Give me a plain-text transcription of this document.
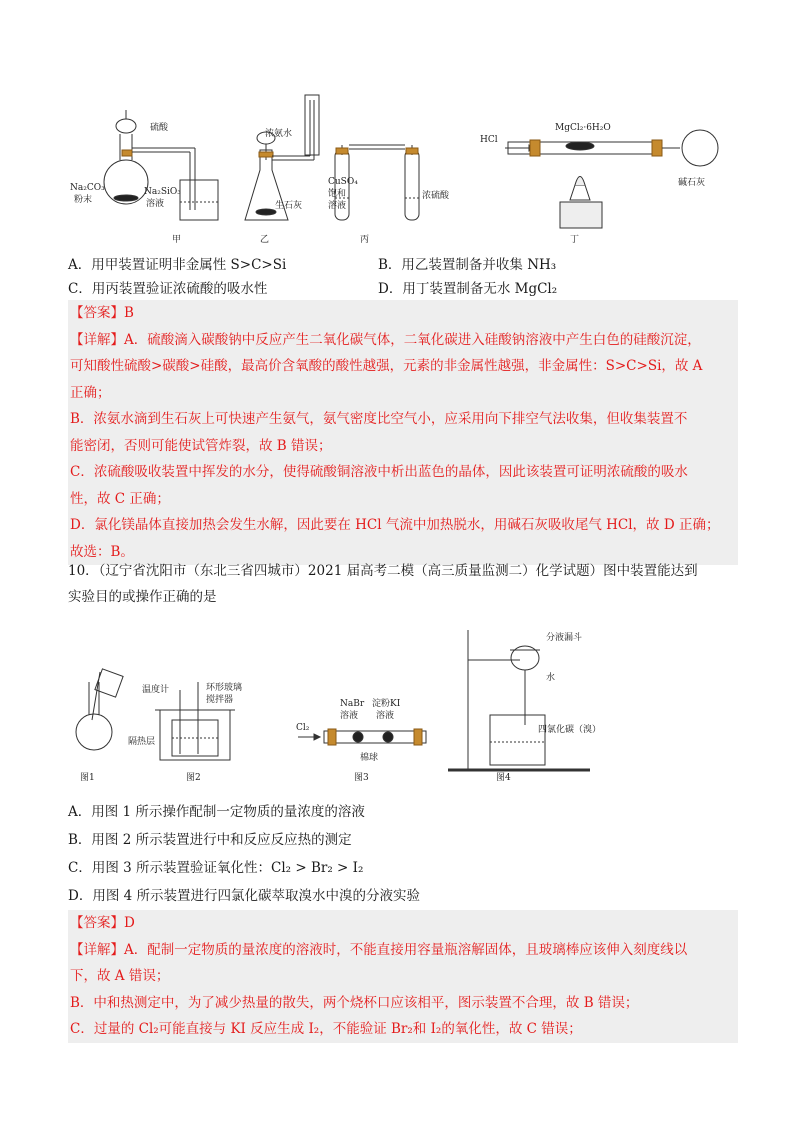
硫酸
Na₂CO₃
粉末
Na₂SiO₃
溶液
浓氨水
生石灰
CuSO₄
饱和
溶液
浓硫酸
HCl
MgCl₂·6H₂O
碱石灰
甲	乙	丙	丁
A．用甲装置证明非金属性 S>C>Si	B．用乙装置制备并收集 NH₃
C．用丙装置验证浓硫酸的吸水性	D．用丁装置制备无水 MgCl₂

【答案】B

【详解】A．硫酸滴入碳酸钠中反应产生二氧化碳气体，二氧化碳进入硅酸钠溶液中产生白色的硅酸沉淀，

可知酸性硫酸>碳酸>硅酸，最高价含氧酸的酸性越强，元素的非金属性越强，非金属性：S>C>Si，故 A

正确；

B．浓氨水滴到生石灰上可快速产生氨气，氨气密度比空气小，应采用向下排空气法收集，但收集装置不

能密闭，否则可能使试管炸裂，故 B 错误；

C．浓硫酸吸收装置中挥发的水分，使得硫酸铜溶液中析出蓝色的晶体，因此该装置可证明浓硫酸的吸水

性，故 C 正确；

D．氯化镁晶体直接加热会发生水解，因此要在 HCl 气流中加热脱水，用碱石灰吸收尾气 HCl，故 D 正确；

故选：B。

10．（辽宁省沈阳市（东北三省四城市）2021 届高考二模（高三质量监测二）化学试题）图中装置能达到
实验目的或操作正确的是
图1	图2	图3	图4
温度计	环形玻璃
搅拌器
隔热层
Cl₂
NaBr
溶液
淀粉KI
溶液
棉球
分液漏斗
水
四氯化碳（溴）
A．用图 1 所示操作配制一定物质的量浓度的溶液
B．用图 2 所示装置进行中和反应反应热的测定
C．用图 3 所示装置验证氧化性：Cl₂ > Br₂ > I₂
D．用图 4 所示装置进行四氯化碳萃取溴水中溴的分液实验

【答案】D

【详解】A．配制一定物质的量浓度的溶液时，不能直接用容量瓶溶解固体，且玻璃棒应该伸入刻度线以

下，故 A 错误；

B．中和热测定中，为了减少热量的散失，两个烧杯口应该相平，图示装置不合理，故 B 错误；

C．过量的 Cl₂可能直接与 KI 反应生成 I₂，不能验证 Br₂和 I₂的氧化性，故 C 错误；
